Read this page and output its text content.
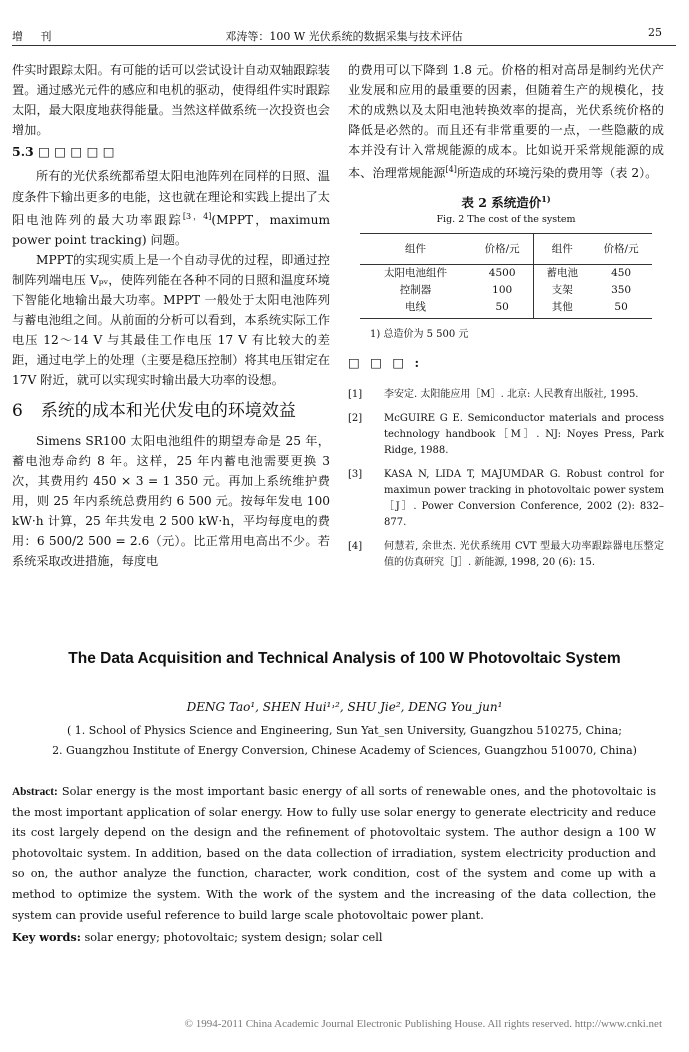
增 刊	邓涛等：100 W 光伏系统的数据采集与技术评估	25

件实时跟踪太阳。有可能的话可以尝试设计自动双轴跟踪装置。通过感光元件的感应和电机的驱动，使得组件实时跟踪太阳，最大限度地获得能量。当然这样做系统一次投资也会增加。

5.3 □ □ □ □ □

所有的光伏系统都希望太阳电池阵列在同样的日照、温度条件下输出更多的电能，这也就在理论和实践上提出了太阳电池阵列的最大功率跟踪[3，4](MPPT，maximum power point tracking) 问题。

MPPT的实现实质上是一个自动寻优的过程，即通过控制阵列端电压 Vₚᵥ，使阵列能在各种不同的日照和温度环境下智能化地输出最大功率。MPPT 一般处于太阳电池阵列与蓄电池组之间。从前面的分析可以看到，本系统实际工作电压 12～14 V 与其最佳工作电压 17 V 有比较大的差距，通过电学上的处理（主要是稳压控制）将其电压钳定在17V 附近，就可以实现实时输出最大功率的设想。

6 系统的成本和光伏发电的环境效益

Simens SR100 太阳电池组件的期望寿命是 25 年，蓄电池寿命约 8 年。这样，25 年内蓄电池需要更换 3 次，其费用约 450 × 3 = 1 350 元。再加上系统维护费用，则 25 年内系统总费用约 6 500 元。按每年发电 100 kW·h 计算，25 年共发电 2 500 kW·h，平均每度电的费用：6 500/2 500 = 2.6（元）。比正常用电高出不少。若系统采取改进措施，每度电

的费用可以下降到 1.8 元。价格的相对高昂是制约光伏产业发展和应用的最重要的因素，但随着生产的规模化，技术的成熟以及太阳电池转换效率的提高，光伏系统价格的降低是必然的。而且还有非常重要的一点，一些隐蔽的成本并没有计入常规能源的成本。比如说开采常规能源的成本、治理常规能源[4]所造成的环境污染的费用等（表 2）。

表 2 系统造价$^{1)}$
Fig. 2 The cost of the system
组件	价格/元	组件	价格/元
太阳电池组件	4500	蓄电池	450
控制器	100	支架	350
电线	50	其他	50
1) 总造价为 5 500 元
□ □ □ :
[1] 李安定. 太阳能应用［M］. 北京: 人民教育出版社, 1995.
[2] McGUIRE G E. Semiconductor materials and process technology handbook［M］. NJ: Noyes Press, Park Ridge, 1988.
[3] KASA N, LIDA T, MAJUMDAR G. Robust control for maximun power tracking in photovoltaic power system［J］. Power Conversion Conference, 2002 (2): 832–877.
[4] 何慧若, 余世杰. 光伏系统用 CVT 型最大功率跟踪器电压整定值的仿真研究［J］. 新能源, 1998, 20 (6): 15.
The Data Acquisition and Technical Analysis of 100 W Photovoltaic System
DENG Tao¹, SHEN Hui¹˒², SHU Jie², DENG You_jun¹
( 1. School of Physics Science and Engineering, Sun Yat_sen University, Guangzhou 510275, China;
2. Guangzhou Institute of Energy Conversion, Chinese Academy of Sciences, Guangzhou 510070, China)
Abstract: Solar energy is the most important basic energy of all sorts of renewable ones, and the photovoltaic is the most important application of solar energy. How to fully use solar energy to generate electricity and reduce its cost largely depend on the design and the refinement of photovoltaic system. The author design a 100 W photovoltaic system. In addition, based on the data collection of irradiation, system electricity production and so on, the author analyze the function, character, work condition, cost of the system and come up with a method to optimize the system. With the work of the system and the increasing of the data collection, the system can provide useful reference to build large scale photovoltaic power plant.
Key words: solar energy; photovoltaic; system design; solar cell
© 1994-2011 China Academic Journal Electronic Publishing House. All rights reserved. http://www.cnki.net
